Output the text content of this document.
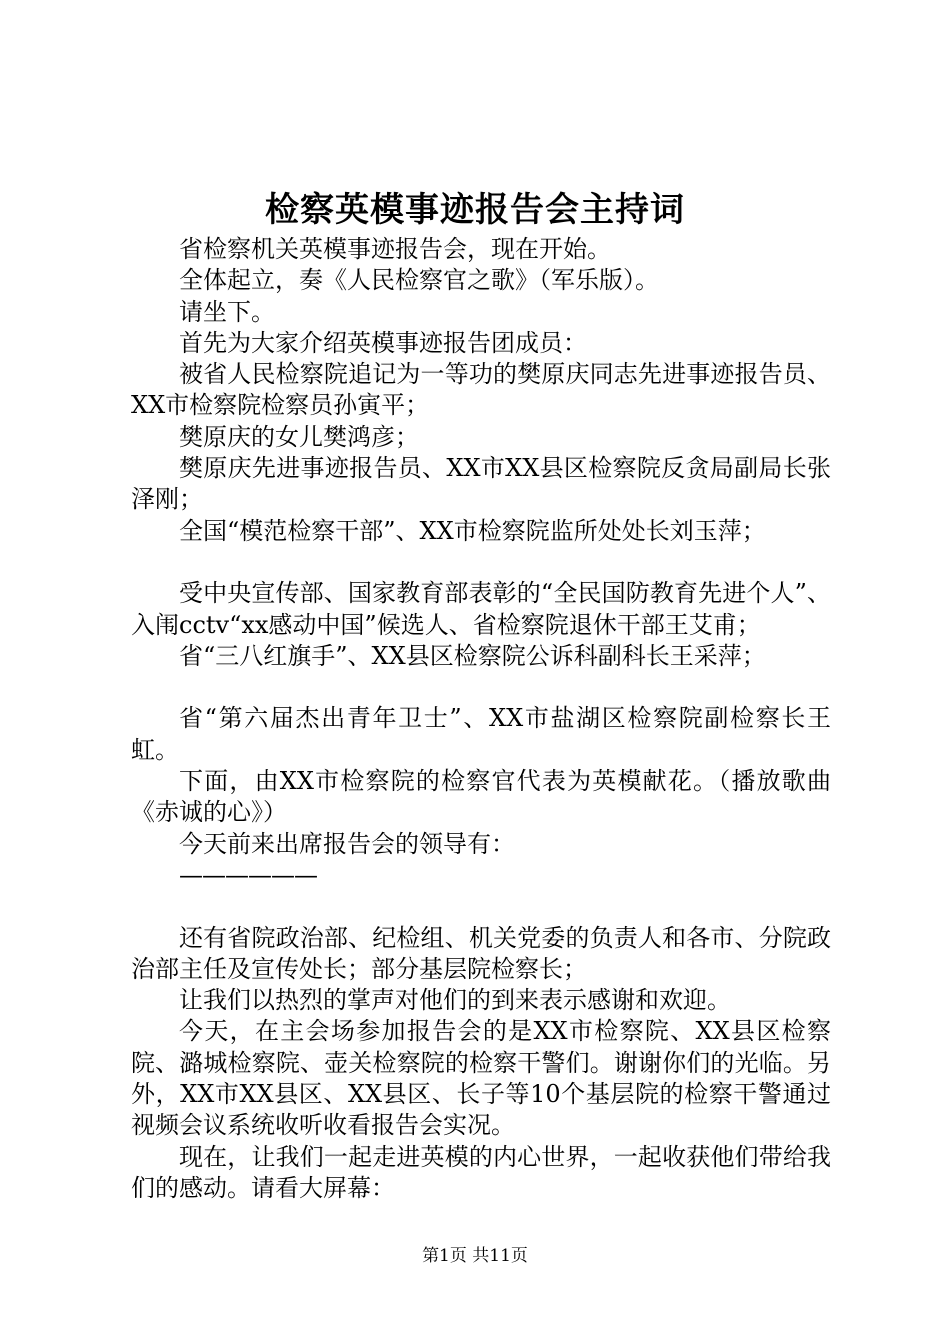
检察英模事迹报告会主持词

省检察机关英模事迹报告会，现在开始。

全体起立，奏《人民检察官之歌》（军乐版）。

请坐下。

首先为大家介绍英模事迹报告团成员：

被省人民检察院追记为一等功的樊原庆同志先进事迹报告员、XX市检察院检察员孙寅平；

樊原庆的女儿樊鸿彦；

樊原庆先进事迹报告员、XX市XX县区检察院反贪局副局长张泽刚；

全国“模范检察干部”、XX市检察院监所处处长刘玉萍；

受中央宣传部、国家教育部表彰的“全民国防教育先进个人”、入闱cctv“xx感动中国”候选人、省检察院退休干部王艾甫；

省“三八红旗手”、XX县区检察院公诉科副科长王采萍；

省“第六届杰出青年卫士”、XX市盐湖区检察院副检察长王虹。

下面，由XX市检察院的检察官代表为英模献花。（播放歌曲《赤诚的心》）

今天前来出席报告会的领导有：

——————

还有省院政治部、纪检组、机关党委的负责人和各市、分院政治部主任及宣传处长；部分基层院检察长；

让我们以热烈的掌声对他们的到来表示感谢和欢迎。

今天，在主会场参加报告会的是XX市检察院、XX县区检察院、潞城检察院、壶关检察院的检察干警们。谢谢你们的光临。另外，XX市XX县区、XX县区、长子等10个基层院的检察干警通过视频会议系统收听收看报告会实况。

现在，让我们一起走进英模的内心世界，一起收获他们带给我们的感动。请看大屏幕：

第1页 共11页
